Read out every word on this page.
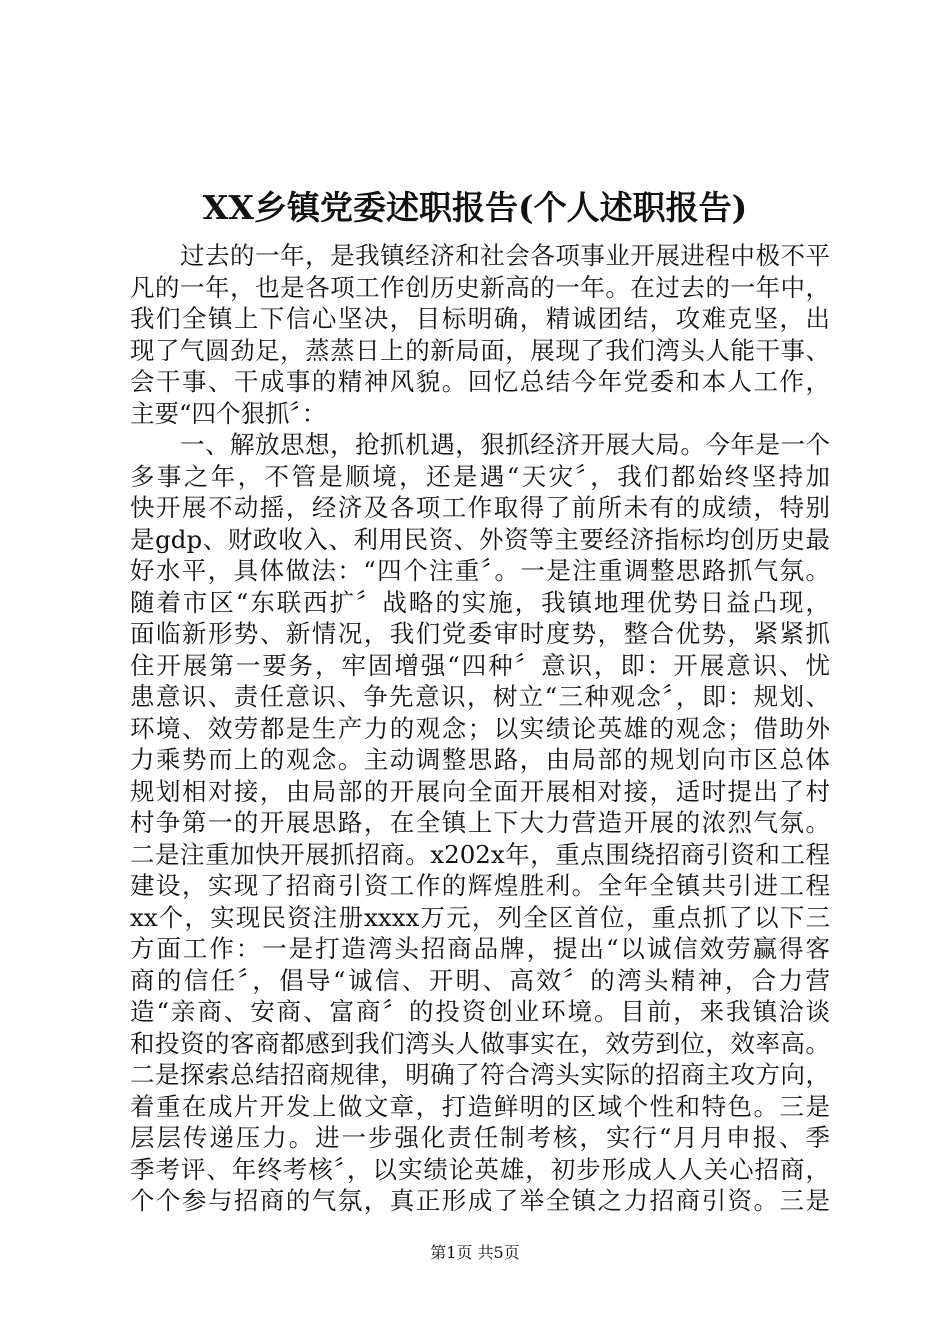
XX乡镇党委述职报告(个人述职报告)
过去的一年，是我镇经济和社会各项事业开展进程中极不平
凡的一年，也是各项工作创历史新高的一年。在过去的一年中，
我们全镇上下信心坚决，目标明确，精诚团结，攻难克坚，出
现了气圆劲足，蒸蒸日上的新局面，展现了我们湾头人能干事、
会干事、干成事的精神风貌。回忆总结今年党委和本人工作，
主要“四个狠抓〞：
一、解放思想，抢抓机遇，狠抓经济开展大局。今年是一个
多事之年，不管是顺境，还是遇“天灾〞，我们都始终坚持加
快开展不动摇，经济及各项工作取得了前所未有的成绩，特别
是gdp、财政收入、利用民资、外资等主要经济指标均创历史最
好水平，具体做法：“四个注重〞。一是注重调整思路抓气氛。
随着市区“东联西扩〞战略的实施，我镇地理优势日益凸现，
面临新形势、新情况，我们党委审时度势，整合优势，紧紧抓
住开展第一要务，牢固增强“四种〞意识，即：开展意识、忧
患意识、责任意识、争先意识，树立“三种观念〞，即：规划、
环境、效劳都是生产力的观念；以实绩论英雄的观念；借助外
力乘势而上的观念。主动调整思路，由局部的规划向市区总体
规划相对接，由局部的开展向全面开展相对接，适时提出了村
村争第一的开展思路，在全镇上下大力营造开展的浓烈气氛。
二是注重加快开展抓招商。x202x年，重点围绕招商引资和工程
建设，实现了招商引资工作的辉煌胜利。全年全镇共引进工程
xx个，实现民资注册xxxx万元，列全区首位，重点抓了以下三
方面工作：一是打造湾头招商品牌，提出“以诚信效劳赢得客
商的信任〞，倡导“诚信、开明、高效〞的湾头精神，合力营
造“亲商、安商、富商〞的投资创业环境。目前，来我镇洽谈
和投资的客商都感到我们湾头人做事实在，效劳到位，效率高。
二是探索总结招商规律，明确了符合湾头实际的招商主攻方向，
着重在成片开发上做文章，打造鲜明的区域个性和特色。三是
层层传递压力。进一步强化责任制考核，实行“月月申报、季
季考评、年终考核〞，以实绩论英雄，初步形成人人关心招商，
个个参与招商的气氛，真正形成了举全镇之力招商引资。三是
第1页 共5页
